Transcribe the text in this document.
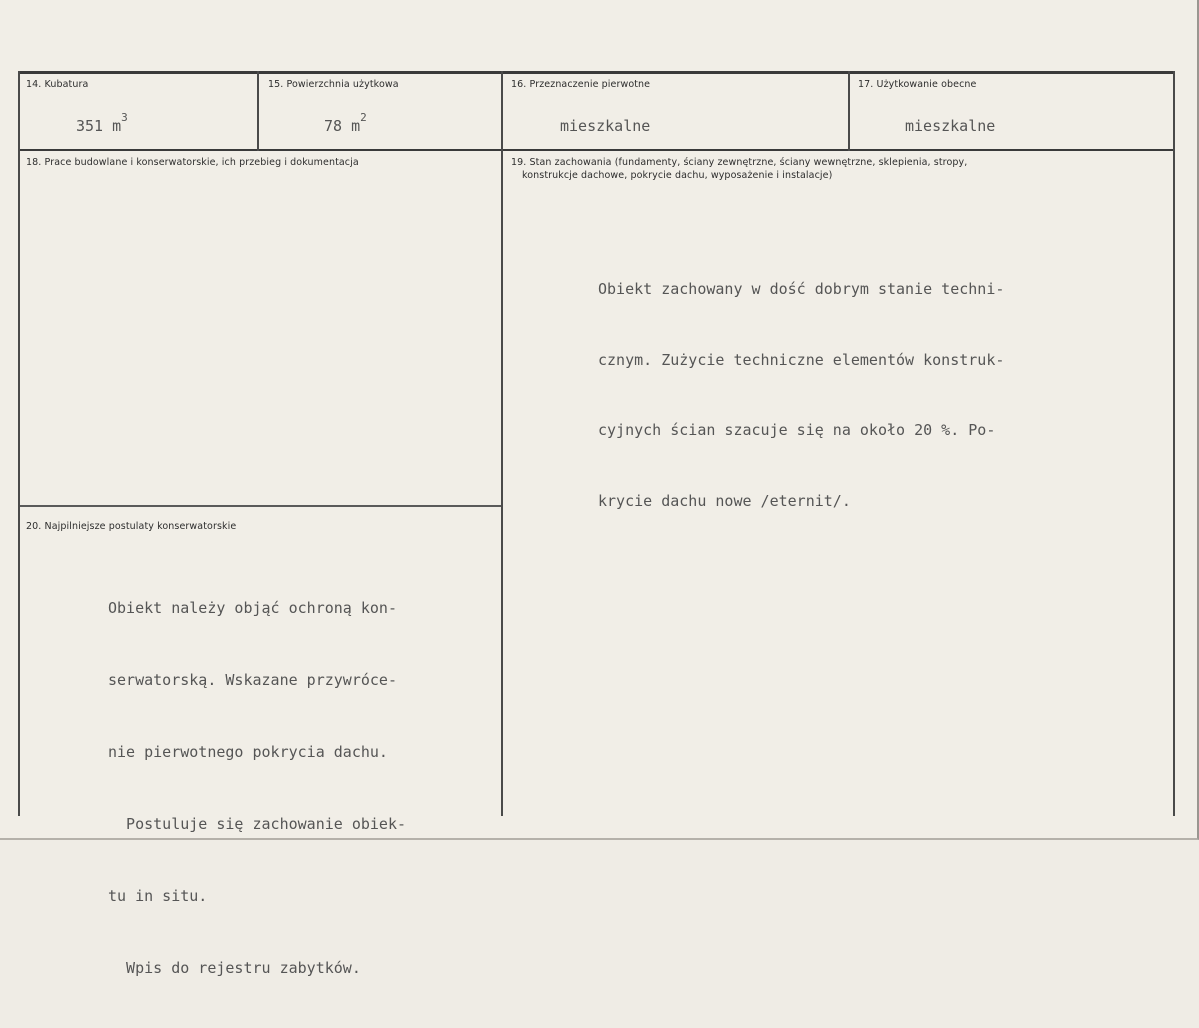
14. Kubatura
351 $m^3$
15. Powierzchnia użytkowa
78 $m^2$
16. Przeznaczenie pierwotne
mieszkalne
17. Użytkowanie obecne
mieszkalne
18. Prace budowlane i konserwatorskie, ich przebieg i dokumentacja	19. Stan zachowania (fundamenty, ściany zewnętrzne, ściany wewnętrzne, sklepienia, stropy,
konstrukcje dachowe, pokrycie dachu, wyposażenie i instalacje)

Obiekt zachowany w dość dobrym stanie techni-

cznym. Zużycie techniczne elementów konstruk-

cyjnych ścian szacuje się na około 20 %. Po-

krycie dachu nowe /eternit/.

20. Najpilniejsze postulaty konserwatorskie

Obiekt należy objąć ochroną kon-

serwatorską. Wskazane przywróce-

nie pierwotnego pokrycia dachu.

Postuluje się zachowanie obiek-

tu in situ.

Wpis do rejestru zabytków.
